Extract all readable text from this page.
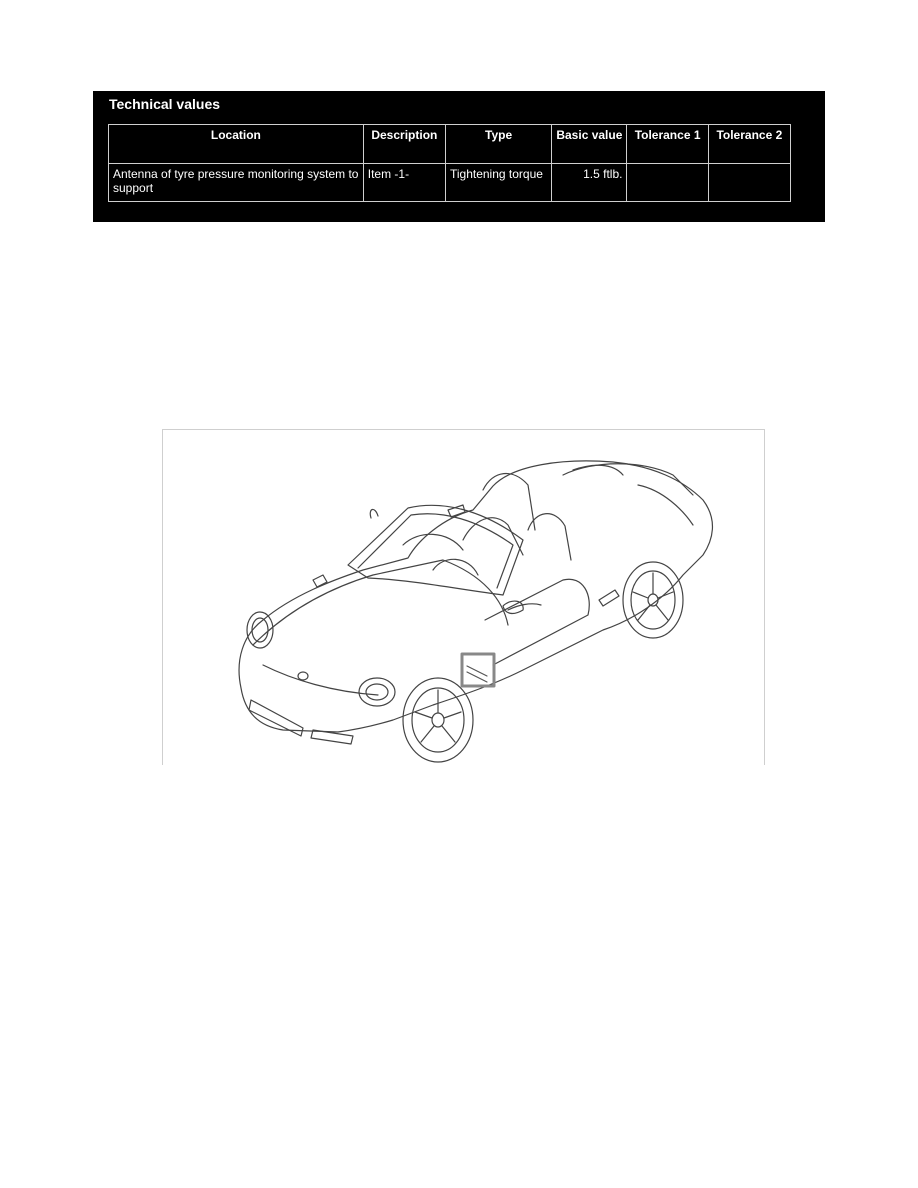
Technical values
Location	Description	Type	Basic value	Tolerance 1	Tolerance 2
Antenna of tyre pressure monitoring system to support	Item -1-	Tightening torque	1.5 ftlb.		
